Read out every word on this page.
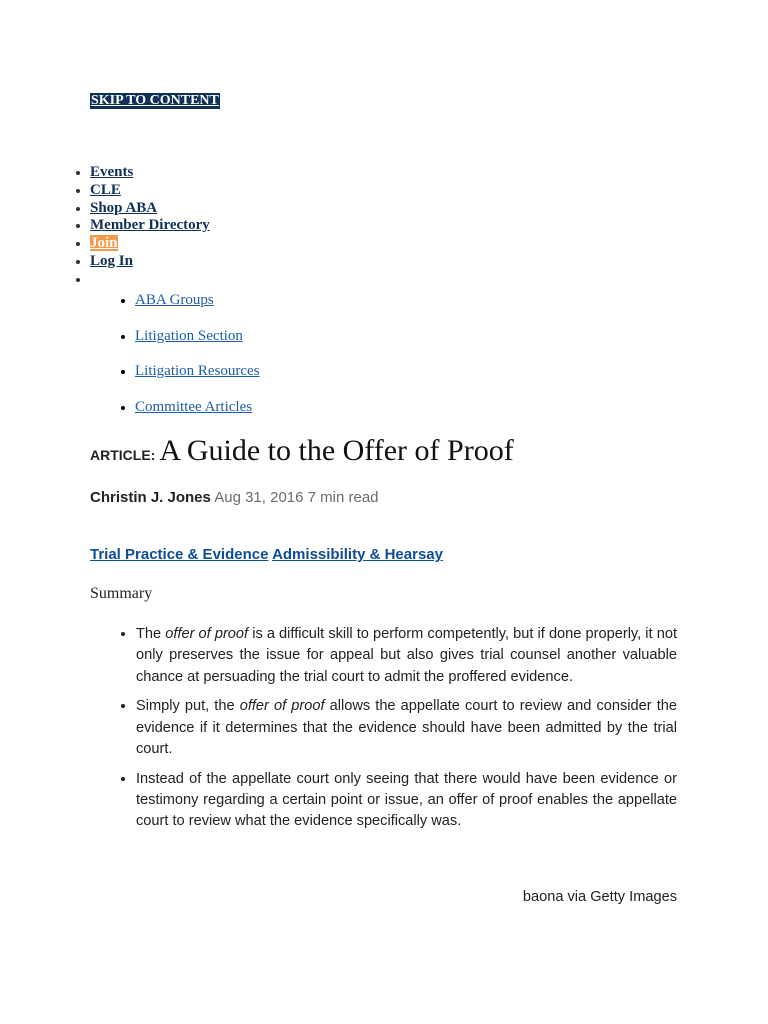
SKIP TO CONTENT
• Events
• CLE
• Shop ABA
• Member Directory
• Join
• Log In
•
• ABA Groups
• Litigation Section
• Litigation Resources
• Committee Articles
ARTICLE: A Guide to the Offer of Proof
Christin J. Jones Aug 31, 2016 7 min read
Trial Practice & Evidence Admissibility & Hearsay
Summary
• The offer of proof is a difficult skill to perform competently, but if done properly, it not only preserves the issue for appeal but also gives trial counsel another valuable chance at persuading the trial court to admit the proffered evidence.
• Simply put, the offer of proof allows the appellate court to review and consider the evidence if it determines that the evidence should have been admitted by the trial court.
• Instead of the appellate court only seeing that there would have been evidence or testimony regarding a certain point or issue, an offer of proof enables the appellate court to review what the evidence specifically was.
baona via Getty Images
